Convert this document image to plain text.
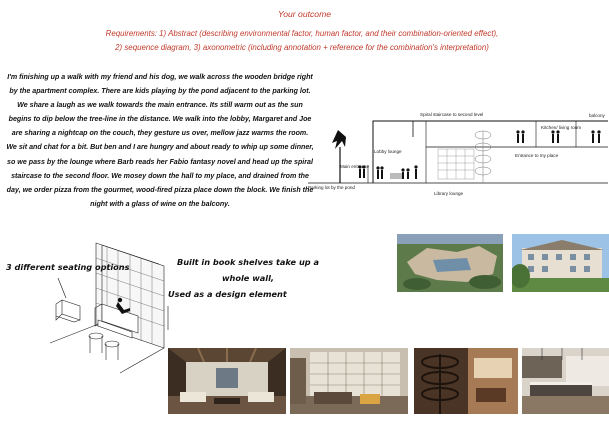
Your outcome
Requirements: 1) Abstract (describing environmental factor, human factor, and their combination-oriented effect), 2) sequence diagram, 3) axonometric (including annotation + reference for the combination's interpretation)
I'm finishing up a walk with my friend and his dog, we walk across the wooden bridge right by the apartment complex. There are kids playing by the pond adjacent to the parking lot. We share a laugh as we walk towards the main entrance. Its still warm out as the sun begins to dip below the tree-line in the distance. We walk into the lobby, Margaret and Joe are sharing a nightcap on the couch, they gesture us over, mellow jazz warms the room. We sit and chat for a bit. But ben and I are hungry and about ready to whip up some dinner, so we pass by the lounge where Barb reads her Fabio fantasy novel and head up the spiral staircase to the second floor. We mosey down the hall to my place, and drained from the day, we order pizza from the gourmet, wood-fired pizza place down the block. We finish the night with a glass of wine on the balcony.
Spiral staircase to second level	balcony
Kitchen/ living room
Lobby lounge
Entrance to my place
Main entrance
Parking lot by the pond
Library lounge
3 different seating options	Built in book shelves take up a whole wall,
Used as a design element
